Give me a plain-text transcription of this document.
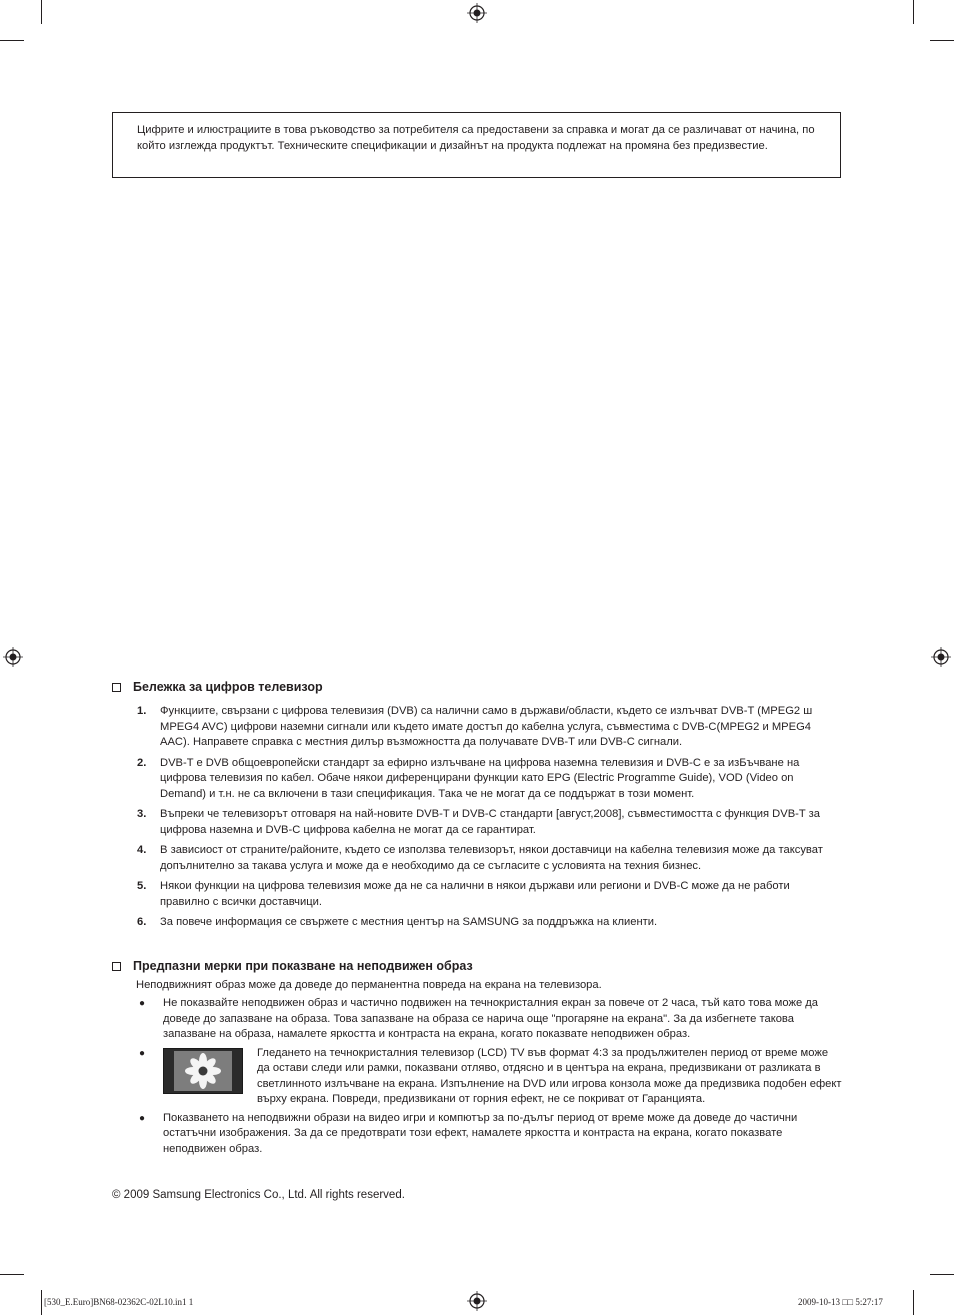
Цифрите и илюстрациите в това ръководство за потребителя са предоставени за справка и могат да се различават от начина, по който изглежда продуктът. Техническите спецификации и дизайнът на продукта подлежат на промяна без предизвестие.
Бележка за цифров телевизор
1.	Функциите, свързани с цифрова телевизия (DVB) са налични само в държави/области, където се излъчват DVB-T (MPEG2 ш MPEG4 AVC) цифрови наземни сигнали или където имате достъп до кабелна услуга, съвместима с DVB-C(MPEG2 и MPEG4 AAC). Направете справка с местния дилър възможността да получавате DVB-T или DVB-C сигнали.
2.	DVB-T е DVB общоевропейски стандарт за ефирно излъчване на цифрова наземна телевизия и DVB-C е за изБъчване на цифрова телевизия по кабел. Обаче някои диференцирани функции като EPG (Electric Programme Guide), VOD (Video on Demand) и т.н. не са включени в тази спецификация. Така че не могат да се поддържат в този момент.
3.	Въпреки че телевизорът отговаря на най-новите DVB-T и DVB-C стандарти [август,2008], съвместимостта с функция DVB-T за цифрова наземна и DVB-C цифрова кабелна не могат да се гарантират.
4.	В зависиост от страните/районите, където се използва телевизорът, някои доставчици на кабелна телевизия може да таксуват допълнително за такава услуга и може да е необходимо да се съгласите с условията на техния бизнес.
5.	Някои функции на цифрова телевизия може да не са налични в някои държави или региони и DVB-C може да не работи правилно с всички доставчици.
6.	За повече информация се свържете с местния център на SAMSUNG за поддръжка на клиенти.
Предпазни мерки при показване на неподвижен образ
Неподвижният образ може да доведе до перманентна повреда на екрана на телевизора.
●	Не показвайте неподвижен образ и частично подвижен на течнокристалния екран за повече от 2 часа, тъй като това може да доведе до запазване на образа. Това запазване на образа се нарича още "прогаряне на екрана". За да избегнете такова запазване на образа, намалете яркостта и контраста на екрана, когато показвате неподвижен образ.
●	Гледането на течнокристалния телевизор (LCD) TV във формат 4:3 за продължителен период от време може да остави следи или рамки, показвани отляво, отдясно и в центъра на екрана, предизвикани от разликата в светлинното излъчване на екрана. Изпълнение на DVD или игрова конзола може да предизвика подобен ефект върху екрана. Повреди, предизвикани от горния ефект, не се покриват от Гаранцията.
●	Показването на неподвижни образи на видео игри и компютър за по-дълъг период от време може да доведе до частични остатъчни изображения. За да се предотврати този ефект, намалете яркостта и контраста на екрана, когато показвате неподвижен образ.
© 2009 Samsung Electronics Co., Ltd. All rights reserved.
[530_E.Euro]BN68-02362C-02L10.in1 1	2009-10-13 □□ 5:27:17
